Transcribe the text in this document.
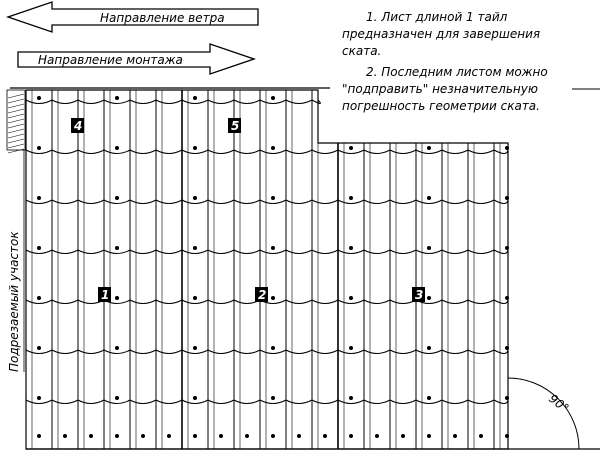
Направление ветра
Направление монтажа
1. Лист длиной 1 тайл
предназначен для завершения
ската.
2. Последним листом можно
"подправить" незначительную
погрешность геометрии ската.
Подрезаемый участок
90°
4	5
1	2	3
